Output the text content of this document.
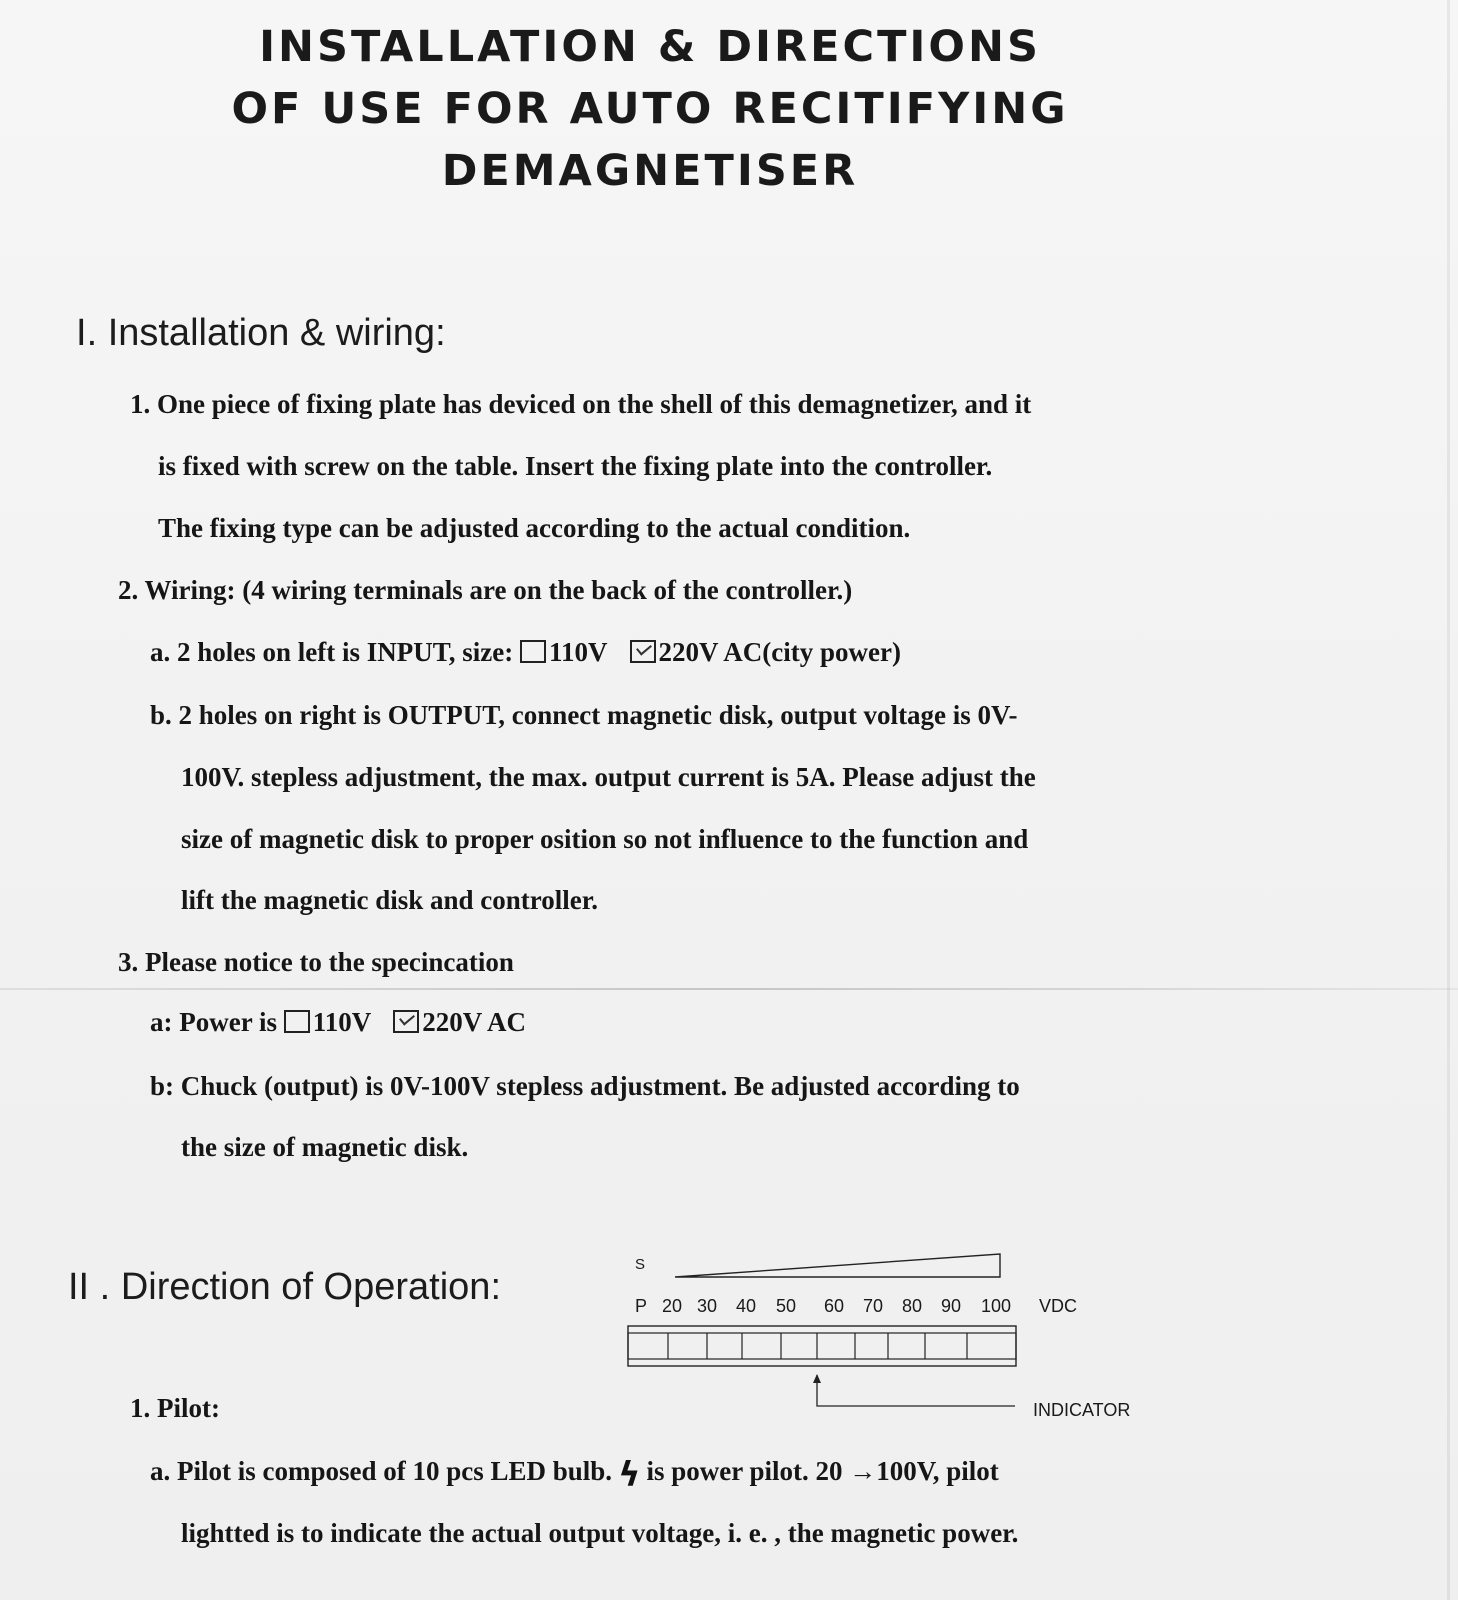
INSTALLATION & DIRECTIONS
OF USE FOR AUTO RECITIFYING
DEMAGNETISER
I. Installation & wiring:
1. One piece of fixing plate has deviced on the shell of this demagnetizer, and it
is fixed with screw on the table. Insert the fixing plate into the controller.
The fixing type can be adjusted according to the actual condition.
2. Wiring: (4 wiring terminals are on the back of the controller.)
a. 2 holes on left is INPUT, size: 110V 220V AC(city power)
b. 2 holes on right is OUTPUT, connect magnetic disk, output voltage is 0V-
100V. stepless adjustment, the max. output current is 5A. Please adjust the
size of magnetic disk to proper osition so not influence to the function and
lift the magnetic disk and controller.
3. Please notice to the specincation
a: Power is 110V 220V AC
b: Chuck (output) is 0V-100V stepless adjustment. Be adjusted according to
the size of magnetic disk.
II . Direction of Operation:
S
P 20 30 40 50 60 70 80 90 100 VDC
INDICATOR
1. Pilot:
a. Pilot is composed of 10 pcs LED bulb. ϟ is power pilot. 20 →100V, pilot
lightted is to indicate the actual output voltage, i. e. , the magnetic power.
